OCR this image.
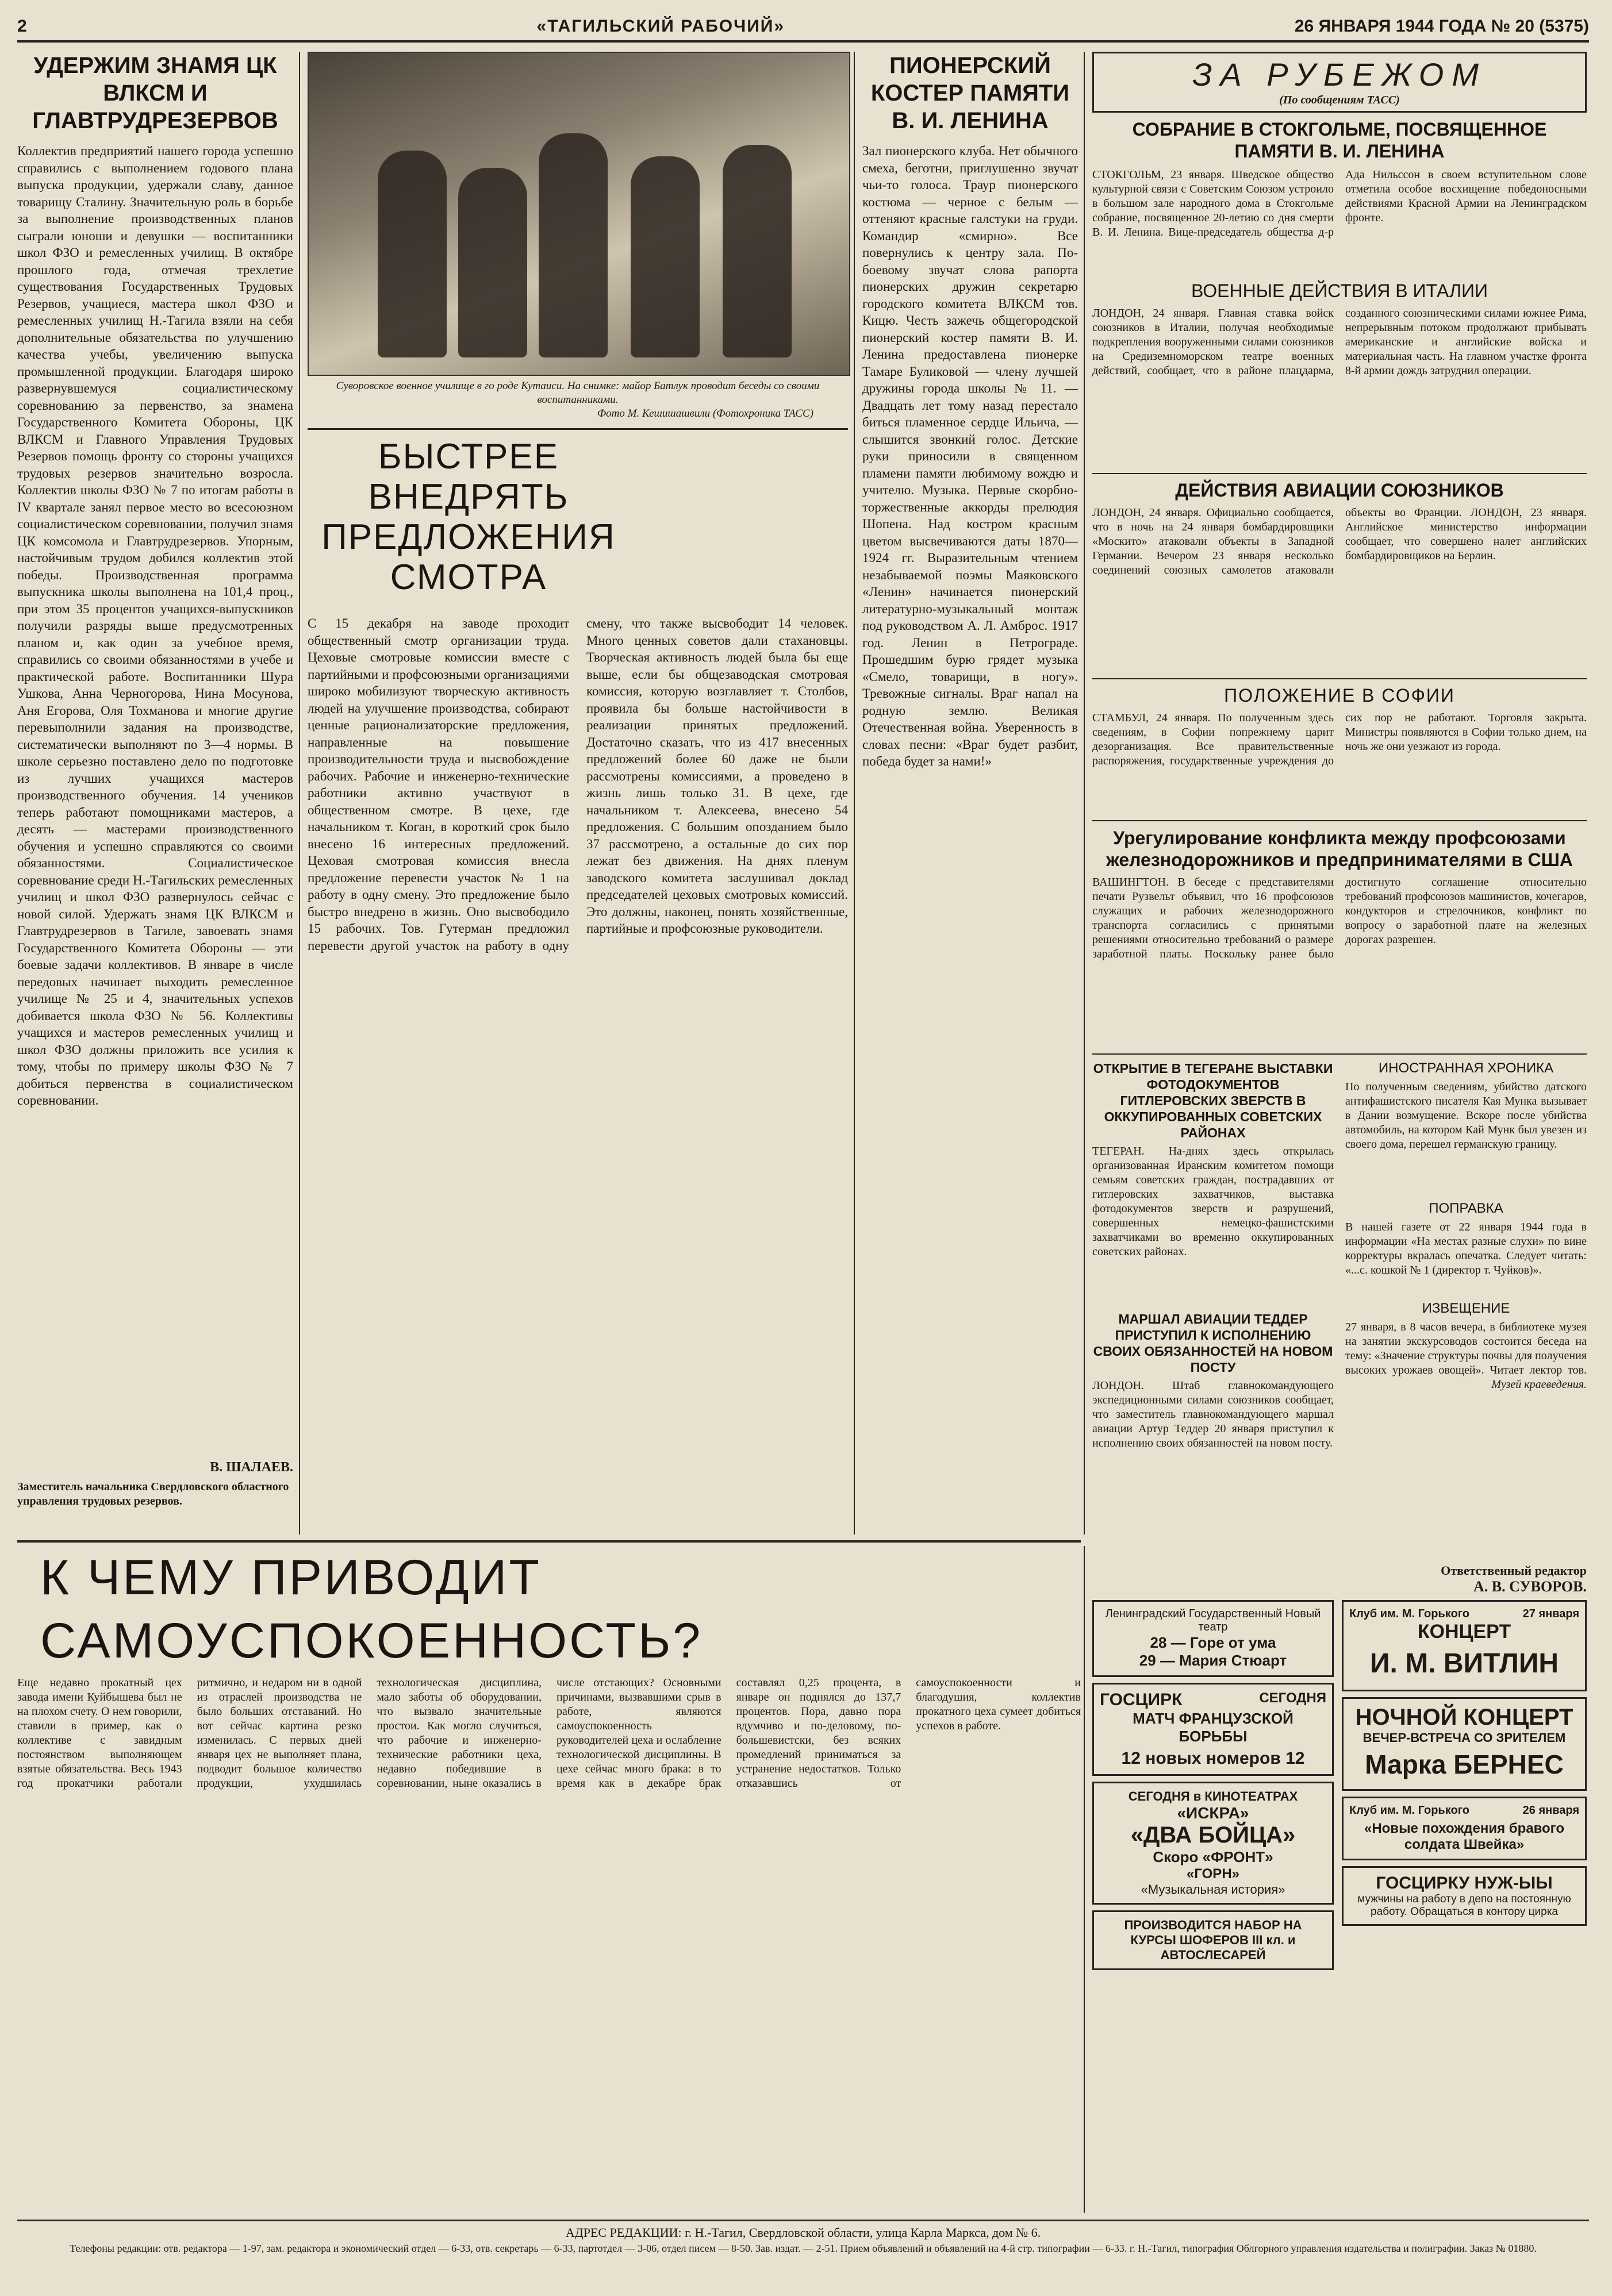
2	«ТАГИЛЬСКИЙ РАБОЧИЙ»	26 ЯНВАРЯ 1944 ГОДА № 20 (5375)
УДЕРЖИМ ЗНАМЯ ЦК ВЛКСМ И ГЛАВТРУДРЕЗЕРВОВ
Коллектив предприятий нашего города успешно справились с выполнением годового плана выпуска продукции, удержали славу, данное товарищу Сталину. Значительную роль в борьбе за выполнение производственных планов сыграли юноши и девушки — воспитанники школ ФЗО и ремесленных училищ. В октябре прошлого года, отмечая трехлетие существования Государственных Трудовых Резервов, учащиеся, мастера школ ФЗО и ремесленных училищ Н.-Тагила взяли на себя дополнительные обязательства по улучшению качества учебы, увеличению выпуска промышленной продукции. Благодаря широко развернувшемуся социалистическому соревнованию за первенство, за знамена Государственного Комитета Обороны, ЦК ВЛКСМ и Главного Управления Трудовых Резервов помощь фронту со стороны учащихся трудовых резервов значительно возросла. Коллектив школы ФЗО № 7 по итогам работы в IV квартале занял первое место во всесоюзном социалистическом соревновании, получил знамя ЦК комсомола и Главтрудрезервов. Упорным, настойчивым трудом добился коллектив этой победы. Производственная программа выпускника школы выполнена на 101,4 проц., при этом 35 процентов учащихся-выпускников получили разряды выше предусмотренных планом и, как один за учебное время, справились со своими обязанностями в учебе и практической работе. Воспитанники Шура Ушкова, Анна Черногорова, Нина Мосунова, Аня Егорова, Оля Тохманова и многие другие перевыполнили задания на производстве, систематически выполняют по 3—4 нормы. В школе серьезно поставлено дело по подготовке из лучших учащихся мастеров производственного обучения. 14 учеников теперь работают помощниками мастеров, а десять — мастерами производственного обучения и успешно справляются со своими обязанностями. Социалистическое соревнование среди Н.-Тагильских ремесленных училищ и школ ФЗО развернулось сейчас с новой силой. Удержать знамя ЦК ВЛКСМ и Главтрудрезервов в Тагиле, завоевать знамя Государственного Комитета Обороны — эти боевые задачи коллективов. В январе в числе передовых начинает выходить ремесленное училище № 25 и 4, значительных успехов добивается школа ФЗО № 56. Коллективы учащихся и мастеров ремесленных училищ и школ ФЗО должны приложить все усилия к тому, чтобы по примеру школы ФЗО № 7 добиться первенства в социалистическом соревновании.
В. ШАЛАЕВ.
Заместитель начальника Свердловского областного управления трудовых резервов.
Суворовское военное училище в го роде Кутаиси. На снимке: майор Батлук проводит беседы со своими воспитанниками.
Фото М. Кешишашвили (Фотохроника ТАСС)
БЫСТРЕЕ ВНЕДРЯТЬ ПРЕДЛОЖЕНИЯ СМОТРА
С 15 декабря на заводе проходит общественный смотр организации труда. Цеховые смотровые комиссии вместе с партийными и профсоюзными организациями широко мобилизуют творческую активность людей на улучшение производства, собирают ценные рационализаторские предложения, направленные на повышение производительности труда и высвобождение рабочих. Рабочие и инженерно-технические работники активно участвуют в общественном смотре. В цехе, где начальником т. Коган, в короткий срок было внесено 16 интересных предложений. Цеховая смотровая комиссия внесла предложение перевести участок № 1 на работу в одну смену. Это предложение было быстро внедрено в жизнь. Оно высвободило 15 рабочих. Тов. Гутерман предложил перевести другой участок на работу в одну смену, что также высвободит 14 человек. Много ценных советов дали стахановцы. Творческая активность людей была бы еще выше, если бы общезаводская смотровая комиссия, которую возглавляет т. Столбов, проявила бы больше настойчивости в реализации принятых предложений. Достаточно сказать, что из 417 внесенных предложений более 60 даже не были рассмотрены комиссиями, а проведено в жизнь лишь только 31. В цехе, где начальником т. Алексеева, внесено 54 предложения. С большим опозданием было 37 рассмотрено, а остальные до сих пор лежат без движения. На днях пленум заводского комитета заслушивал доклад председателей цеховых смотровых комиссий. Это должны, наконец, понять хозяйственные, партийные и профсоюзные руководители.
ПИОНЕРСКИЙ КОСТЕР ПАМЯТИ В. И. ЛЕНИНА
Зал пионерского клуба. Нет обычного смеха, беготни, приглушенно звучат чьи-то голоса. Траур пионерского костюма — черное с белым — оттеняют красные галстуки на груди. Командир «смирно». Все повернулись к центру зала. По-боевому звучат слова рапорта пионерских дружин секретарю городского комитета ВЛКСМ тов. Кицю. Честь зажечь общегородской пионерский костер памяти В. И. Ленина предоставлена пионерке Тамаре Буликовой — члену лучшей дружины города школы № 11. — Двадцать лет тому назад перестало биться пламенное сердце Ильича, — слышится звонкий голос. Детские руки приносили в священном пламени памяти любимому вождю и учителю. Музыка. Первые скорбно-торжественные аккорды прелюдия Шопена. Над костром красным цветом высвечиваются даты 1870—1924 гг. Выразительным чтением незабываемой поэмы Маяковского «Ленин» начинается пионерский литературно-музыкальный монтаж под руководством А. Л. Амброс. 1917 год. Ленин в Петрограде. Прошедшим бурю грядет музыка «Смело, товарищи, в ногу». Тревожные сигналы. Враг напал на родную землю. Великая Отечественная война. Уверенность в словах песни: «Враг будет разбит, победа будет за нами!»
ЗА РУБЕЖОМ
(По сообщениям ТАСС)
СОБРАНИЕ В СТОКГОЛЬМЕ, ПОСВЯЩЕННОЕ ПАМЯТИ В. И. ЛЕНИНА
СТОКГОЛЬМ, 23 января. Шведское общество культурной связи с Советским Союзом устроило в большом зале народного дома в Стокгольме собрание, посвященное 20-летию со дня смерти В. И. Ленина. Вице-председатель общества д-р Ада Нильссон в своем вступительном слове отметила особое восхищение победоносными действиями Красной Армии на Ленинградском фронте.
ВОЕННЫЕ ДЕЙСТВИЯ В ИТАЛИИ
ЛОНДОН, 24 января. Главная ставка войск союзников в Италии, получая необходимые подкрепления вооруженными силами союзников на Средиземноморском театре военных действий, сообщает, что в районе плацдарма, созданного союзническими силами южнее Рима, непрерывным потоком продолжают прибывать американские и английские войска и материальная часть. На главном участке фронта 8-й армии дождь затруднил операции.
ДЕЙСТВИЯ АВИАЦИИ СОЮЗНИКОВ
ЛОНДОН, 24 января. Официально сообщается, что в ночь на 24 января бомбардировщики «Москито» атаковали объекты в Западной Германии. Вечером 23 января несколько соединений союзных самолетов атаковали объекты во Франции. ЛОНДОН, 23 января. Английское министерство информации сообщает, что совершено налет английских бомбардировщиков на Берлин.
ПОЛОЖЕНИЕ В СОФИИ
СТАМБУЛ, 24 января. По полученным здесь сведениям, в Софии попрежнему царит дезорганизация. Все правительственные распоряжения, государственные учреждения до сих пор не работают. Торговля закрыта. Министры появляются в Софии только днем, на ночь же они уезжают из города.
Урегулирование конфликта между профсоюзами железнодорожников и предпринимателями в США
ВАШИНГТОН. В беседе с представителями печати Рузвельт объявил, что 16 профсоюзов служащих и рабочих железнодорожного транспорта согласились с принятыми решениями относительно требований о размере заработной платы. Поскольку ранее было достигнуто соглашение относительно требований профсоюзов машинистов, кочегаров, кондукторов и стрелочников, конфликт по вопросу о заработной плате на железных дорогах разрешен.
ОТКРЫТИЕ В ТЕГЕРАНЕ ВЫСТАВКИ ФОТОДОКУМЕНТОВ ГИТЛЕРОВСКИХ ЗВЕРСТВ В ОККУПИРОВАННЫХ СОВЕТСКИХ РАЙОНАХ
ТЕГЕРАН. На-днях здесь открылась организованная Иранским комитетом помощи семьям советских граждан, пострадавших от гитлеровских захватчиков, выставка фотодокументов зверств и разрушений, совершенных немецко-фашистскими захватчиками во временно оккупированных советских районах.
МАРШАЛ АВИАЦИИ ТЕДДЕР ПРИСТУПИЛ К ИСПОЛНЕНИЮ СВОИХ ОБЯЗАННОСТЕЙ НА НОВОМ ПОСТУ
ЛОНДОН. Штаб главнокомандующего экспедиционными силами союзников сообщает, что заместитель главнокомандующего маршал авиации Артур Теддер 20 января приступил к исполнению своих обязанностей на новом посту.
ИНОСТРАННАЯ ХРОНИКА
По полученным сведениям, убийство датского антифашистского писателя Кая Мунка вызывает в Дании возмущение. Вскоре после убийства автомобиль, на котором Кай Мунк был увезен из своего дома, перешел германскую границу.
ПОПРАВКА
В нашей газете от 22 января 1944 года в информации «На местах разные слухи» по вине корректуры вкралась опечатка. Следует читать: «...с. кошкой № 1 (директор т. Чуйков)».
ИЗВЕЩЕНИЕ
27 января, в 8 часов вечера, в библиотеке музея на занятии экскурсоводов состоится беседа на тему: «Значение структуры почвы для получения высоких урожаев овощей». Читает лектор тов.
Музей краеведения.
К ЧЕМУ ПРИВОДИТ САМОУСПОКОЕННОСТЬ?
Еще недавно прокатный цех завода имени Куйбышева был не на плохом счету. О нем говорили, ставили в пример, как о коллективе с завидным постоянством выполняющем взятые обязательства. Весь 1943 год прокатчики работали ритмично, и недаром ни в одной из отраслей производства не было больших отставаний. Но вот сейчас картина резко изменилась. С первых дней января цех не выполняет плана, подводит большое количество продукции, ухудшилась технологическая дисциплина, мало заботы об оборудовании, что вызвало значительные простои. Как могло случиться, что рабочие и инженерно-технические работники цеха, недавно победившие в соревновании, ныне оказались в числе отстающих? Основными причинами, вызвавшими срыв в работе, являются самоуспокоенность руководителей цеха и ослабление технологической дисциплины. В цехе сейчас много брака: в то время как в декабре брак составлял 0,25 процента, в январе он поднялся до 137,7 процентов. Пора, давно пора вдумчиво и по-деловому, по-большевистски, без всяких промедлений приниматься за устранение недостатков. Только отказавшись от самоуспокоенности и благодушия, коллектив прокатного цеха сумеет добиться успехов в работе.
Ответственный редактор
А. В. СУВОРОВ.
Ленинградский Государственный Новый театр
28 — Горе от ума
29 — Мария Стюарт
ГОСЦИРК	СЕГОДНЯ
МАТЧ ФРАНЦУЗСКОЙ БОРЬБЫ
12 новых номеров 12
СЕГОДНЯ в КИНОТЕАТРАХ
«ИСКРА»
«ДВА БОЙЦА»
Скоро «ФРОНТ»
«ГОРН»
«Музыкальная история»
ПРОИЗВОДИТСЯ НАБОР НА КУРСЫ ШОФЕРОВ III кл. и АВТОСЛЕСАРЕЙ
Клуб им. М. Горького	27 января
КОНЦЕРТ
И. М. ВИТЛИН
НОЧНОЙ КОНЦЕРТ
ВЕЧЕР-ВСТРЕЧА СО ЗРИТЕЛЕМ
Марка БЕРНЕС
Клуб им. М. Горького	26 января
«Новые похождения бравого солдата Швейка»
ГОСЦИРКУ НУЖ-ЫЫ
мужчины на работу в депо на постоянную работу. Обращаться в контору цирка
АДРЕС РЕДАКЦИИ: г. Н.-Тагил, Свердловской области, улица Карла Маркса, дом № 6.
Телефоны редакции: отв. редактора — 1-97, зам. редактора и экономический отдел — 6-33, отв. секретарь — 6-33, партотдел — 3-06, отдел писем — 8-50. Зав. издат. — 2-51. Прием объявлений и объявлений на 4-й стр. типографии — 6-33. г. Н.-Тагил, типография Облгорного управления издательства и полиграфии. Заказ № 01880.
